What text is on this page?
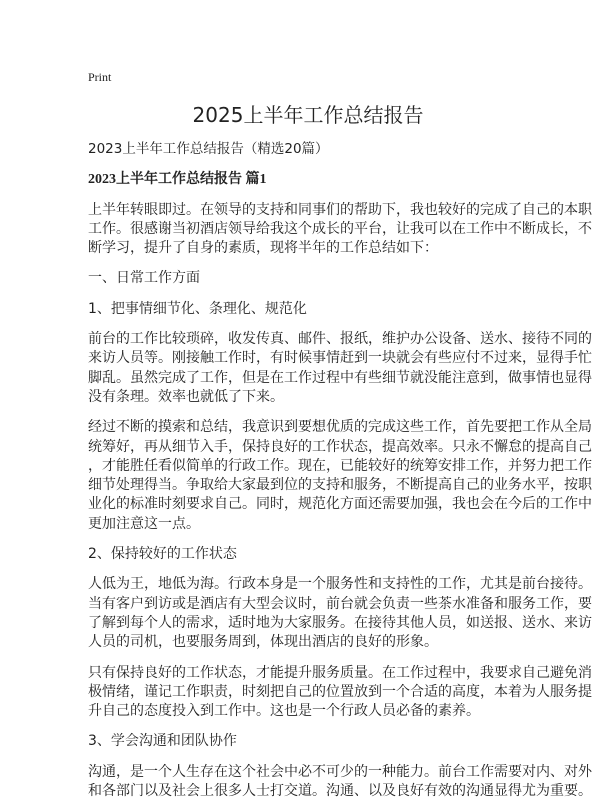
Print
2025上半年工作总结报告

2023上半年工作总结报告（精选20篇）

2023上半年工作总结报告 篇1

上半年转眼即过。在领导的支持和同事们的帮助下，我也较好的完成了自己的本职
工作。很感谢当初酒店领导给我这个成长的平台，让我可以在工作中不断成长，不
断学习，提升了自身的素质，现将半年的工作总结如下：

一、日常工作方面

1、把事情细节化、条理化、规范化

前台的工作比较琐碎，收发传真、邮件、报纸，维护办公设备、送水、接待不同的
来访人员等。刚接触工作时，有时候事情赶到一块就会有些应付不过来，显得手忙
脚乱。虽然完成了工作，但是在工作过程中有些细节就没能注意到，做事情也显得
没有条理。效率也就低了下来。

经过不断的摸索和总结，我意识到要想优质的完成这些工作，首先要把工作从全局
统筹好，再从细节入手，保持良好的工作状态，提高效率。只永不懈怠的提高自己
，才能胜任看似简单的行政工作。现在，已能较好的统筹安排工作，并努力把工作
细节处理得当。争取给大家最到位的支持和服务，不断提高自己的业务水平，按职
业化的标准时刻要求自己。同时，规范化方面还需要加强，我也会在今后的工作中
更加注意这一点。

2、保持较好的工作状态

人低为王，地低为海。行政本身是一个服务性和支持性的工作，尤其是前台接待。
当有客户到访或是酒店有大型会议时，前台就会负责一些茶水准备和服务工作，要
了解到每个人的需求，适时地为大家服务。在接待其他人员，如送报、送水、来访
人员的司机，也要服务周到，体现出酒店的良好的形象。

只有保持良好的工作状态，才能提升服务质量。在工作过程中，我要求自己避免消
极情绪，谨记工作职责，时刻把自己的位置放到一个合适的高度，本着为人服务提
升自己的态度投入到工作中。这也是一个行政人员必备的素养。

3、学会沟通和团队协作

沟通，是一个人生存在这个社会中必不可少的一种能力。前台工作需要对内、对外
和各部门以及社会上很多人士打交道。沟通、以及良好有效的沟通显得尤为重要。
